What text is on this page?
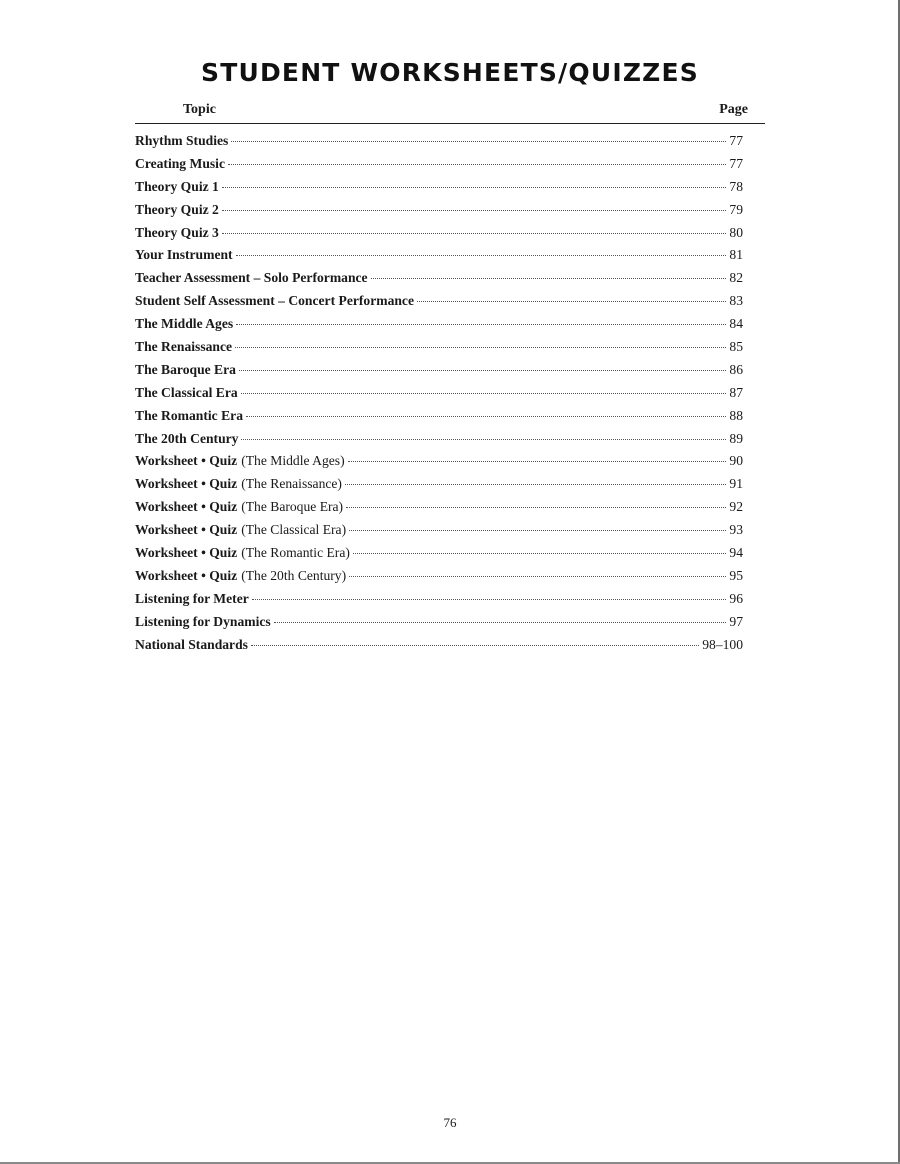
STUDENT WORKSHEETS/QUIZZES
Topic	Page
Rhythm Studies	77
Creating Music	77
Theory Quiz 1	78
Theory Quiz 2	79
Theory Quiz 3	80
Your Instrument	81
Teacher Assessment – Solo Performance	82
Student Self Assessment – Concert Performance	83
The Middle Ages	84
The Renaissance	85
The Baroque Era	86
The Classical Era	87
The Romantic Era	88
The 20th Century	89
Worksheet • Quiz (The Middle Ages)	90
Worksheet • Quiz (The Renaissance)	91
Worksheet • Quiz (The Baroque Era)	92
Worksheet • Quiz (The Classical Era)	93
Worksheet • Quiz (The Romantic Era)	94
Worksheet • Quiz (The 20th Century)	95
Listening for Meter	96
Listening for Dynamics	97
National Standards	98–100
76
